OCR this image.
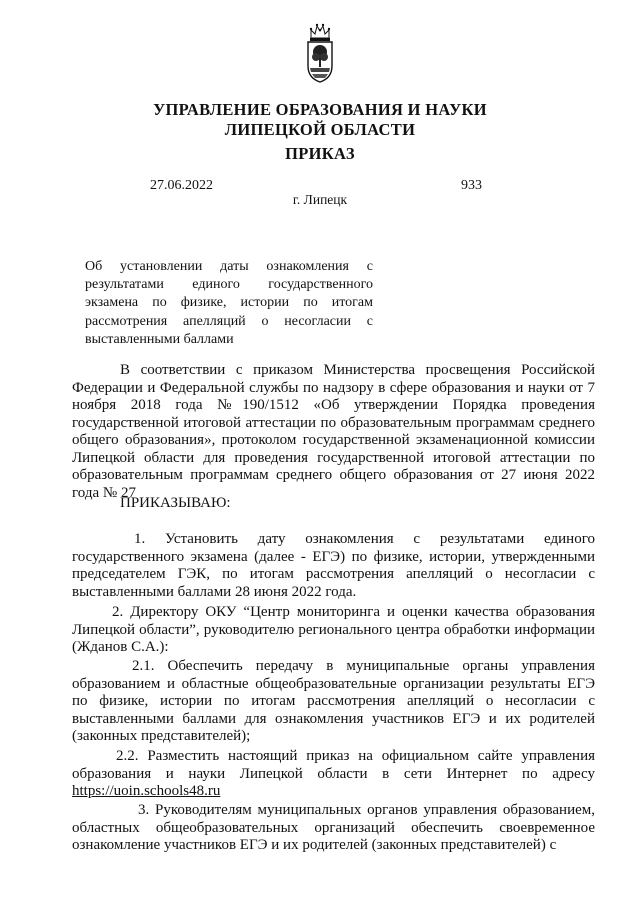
УПРАВЛЕНИЕ ОБРАЗОВАНИЯ И НАУКИ
ЛИПЕЦКОЙ ОБЛАСТИ
ПРИКАЗ
27.06.2022	933
г. Липецк
Об установлении даты ознакомления с результатами единого государственного экзамена по физике, истории по итогам рассмотрения апелляций о несогласии с выставленными баллами
В соответствии с приказом Министерства просвещения Российской Федерации и Федеральной службы по надзору в сфере образования и науки от 7 ноября 2018 года №190/1512 «Об утверждении Порядка проведения государственной итоговой аттестации по образовательным программам среднего общего образования», протоколом государственной экзаменационной комиссии Липецкой области для проведения государственной итоговой аттестации по образовательным программам среднего общего образования от 27 июня 2022 года № 27
ПРИКАЗЫВАЮ:
1. Установить дату ознакомления с результатами единого государственного экзамена (далее - ЕГЭ) по физике, истории, утвержденными председателем ГЭК, по итогам рассмотрения апелляций о несогласии с выставленными баллами 28 июня 2022 года.
2. Директору ОКУ “Центр мониторинга и оценки качества образования Липецкой области”, руководителю регионального центра обработки информации (Жданов С.А.):
2.1. Обеспечить передачу в муниципальные органы управления образованием и областные общеобразовательные организации результаты ЕГЭ по физике, истории по итогам рассмотрения апелляций о несогласии с выставленными баллами для ознакомления участников ЕГЭ и их родителей (законных представителей);
2.2. Разместить настоящий приказ на официальном сайте управления образования и науки Липецкой области в сети Интернет по адресу https://uoin.schools48.ru
3. Руководителям муниципальных органов управления образованием, областных общеобразовательных организаций обеспечить своевременное ознакомление участников ЕГЭ и их родителей (законных представителей) с
